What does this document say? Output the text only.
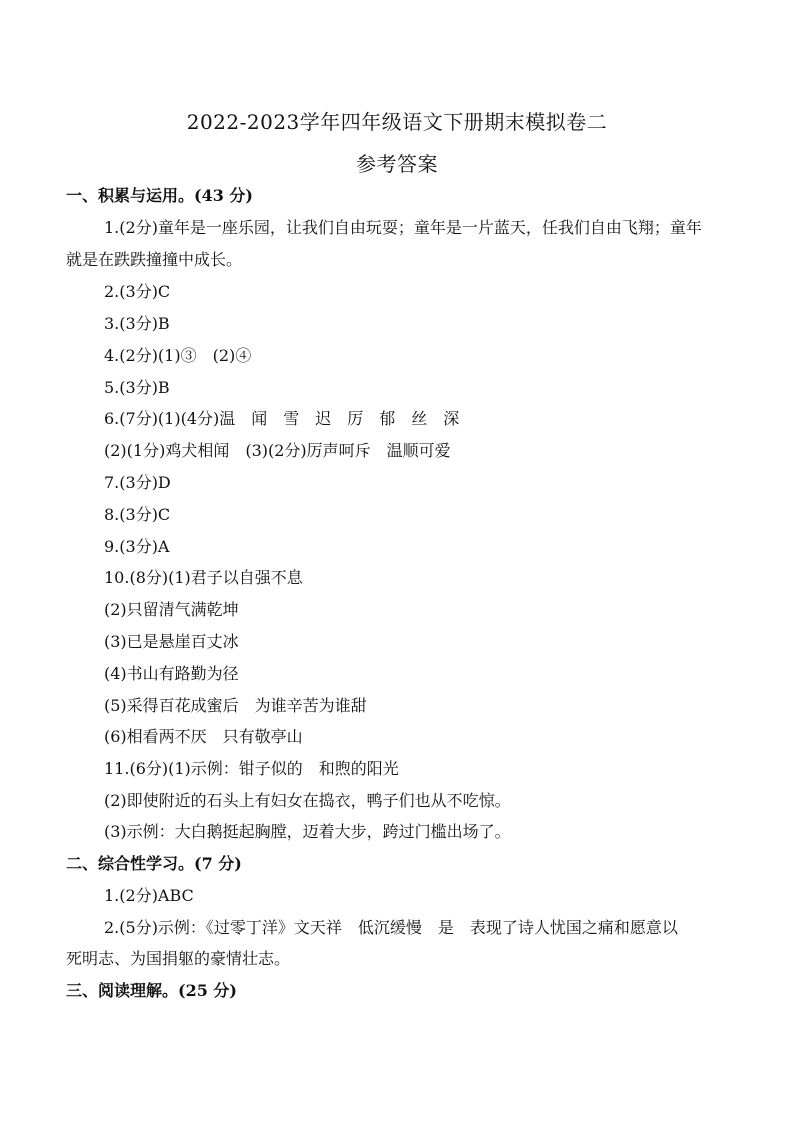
2022-2023学年四年级语文下册期末模拟卷二
参考答案
一、积累与运用。(43 分)
1.(2分)童年是一座乐园，让我们自由玩耍；童年是一片蓝天，任我们自由飞翔；童年
就是在跌跌撞撞中成长。
2.(3分)C
3.(3分)B
4.(2分)(1)③　(2)④
5.(3分)B
6.(7分)(1)(4分)温　闻　雪　迟　厉　郁　丝　深
(2)(1分)鸡犬相闻　(3)(2分)厉声呵斥　温顺可爱
7.(3分)D
8.(3分)C
9.(3分)A
10.(8分)(1)君子以自强不息
(2)只留清气满乾坤
(3)已是悬崖百丈冰
(4)书山有路勤为径
(5)采得百花成蜜后　为谁辛苦为谁甜
(6)相看两不厌　只有敬亭山
11.(6分)(1)示例：钳子似的　和煦的阳光
(2)即使附近的石头上有妇女在捣衣，鸭子们也从不吃惊。
(3)示例：大白鹅挺起胸膛，迈着大步，跨过门槛出场了。
二、综合性学习。(7 分)
1.(2分)ABC
2.(5分)示例：《过零丁洋》文天祥　低沉缓慢　是　表现了诗人忧国之痛和愿意以
死明志、为国捐躯的豪情壮志。
三、阅读理解。(25 分)
